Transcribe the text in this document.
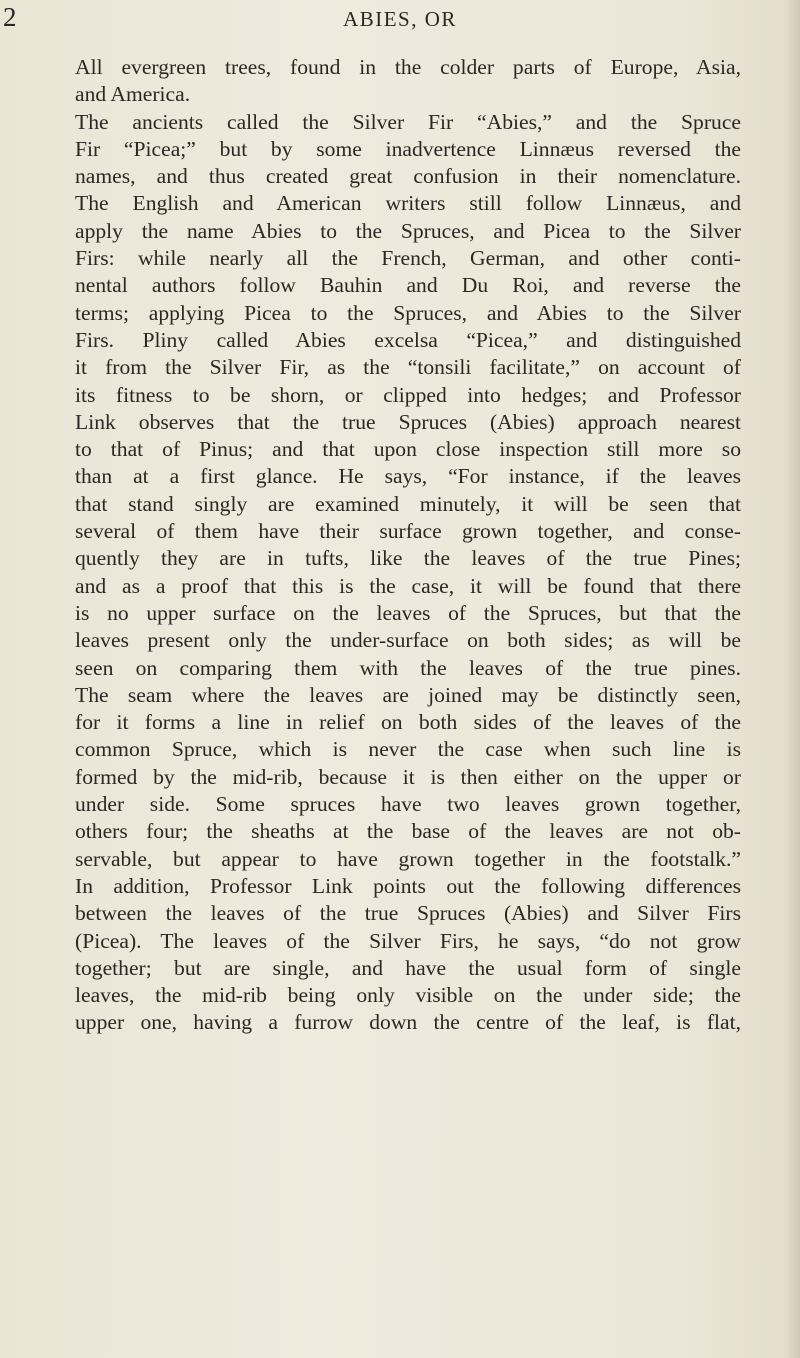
2	ABIES, OR
All evergreen trees, found in the colder parts of Europe, Asia,
and America.
The ancients called the Silver Fir “Abies,” and the Spruce
Fir “Picea;” but by some inadvertence Linnæus reversed the
names, and thus created great confusion in their nomenclature.
The English and American writers still follow Linnæus, and
apply the name Abies to the Spruces, and Picea to the Silver
Firs: while nearly all the French, German, and other conti-
nental authors follow Bauhin and Du Roi, and reverse the
terms; applying Picea to the Spruces, and Abies to the Silver
Firs. Pliny called Abies excelsa “Picea,” and distinguished
it from the Silver Fir, as the “tonsili facilitate,” on account of
its fitness to be shorn, or clipped into hedges; and Professor
Link observes that the true Spruces (Abies) approach nearest
to that of Pinus; and that upon close inspection still more so
than at a first glance. He says, “For instance, if the leaves
that stand singly are examined minutely, it will be seen that
several of them have their surface grown together, and conse-
quently they are in tufts, like the leaves of the true Pines;
and as a proof that this is the case, it will be found that there
is no upper surface on the leaves of the Spruces, but that the
leaves present only the under-surface on both sides; as will be
seen on comparing them with the leaves of the true pines.
The seam where the leaves are joined may be distinctly seen,
for it forms a line in relief on both sides of the leaves of the
common Spruce, which is never the case when such line is
formed by the mid-rib, because it is then either on the upper or
under side. Some spruces have two leaves grown together,
others four; the sheaths at the base of the leaves are not ob-
servable, but appear to have grown together in the footstalk.”
In addition, Professor Link points out the following differences
between the leaves of the true Spruces (Abies) and Silver Firs
(Picea). The leaves of the Silver Firs, he says, “do not grow
together; but are single, and have the usual form of single
leaves, the mid-rib being only visible on the under side; the
upper one, having a furrow down the centre of the leaf, is flat,
